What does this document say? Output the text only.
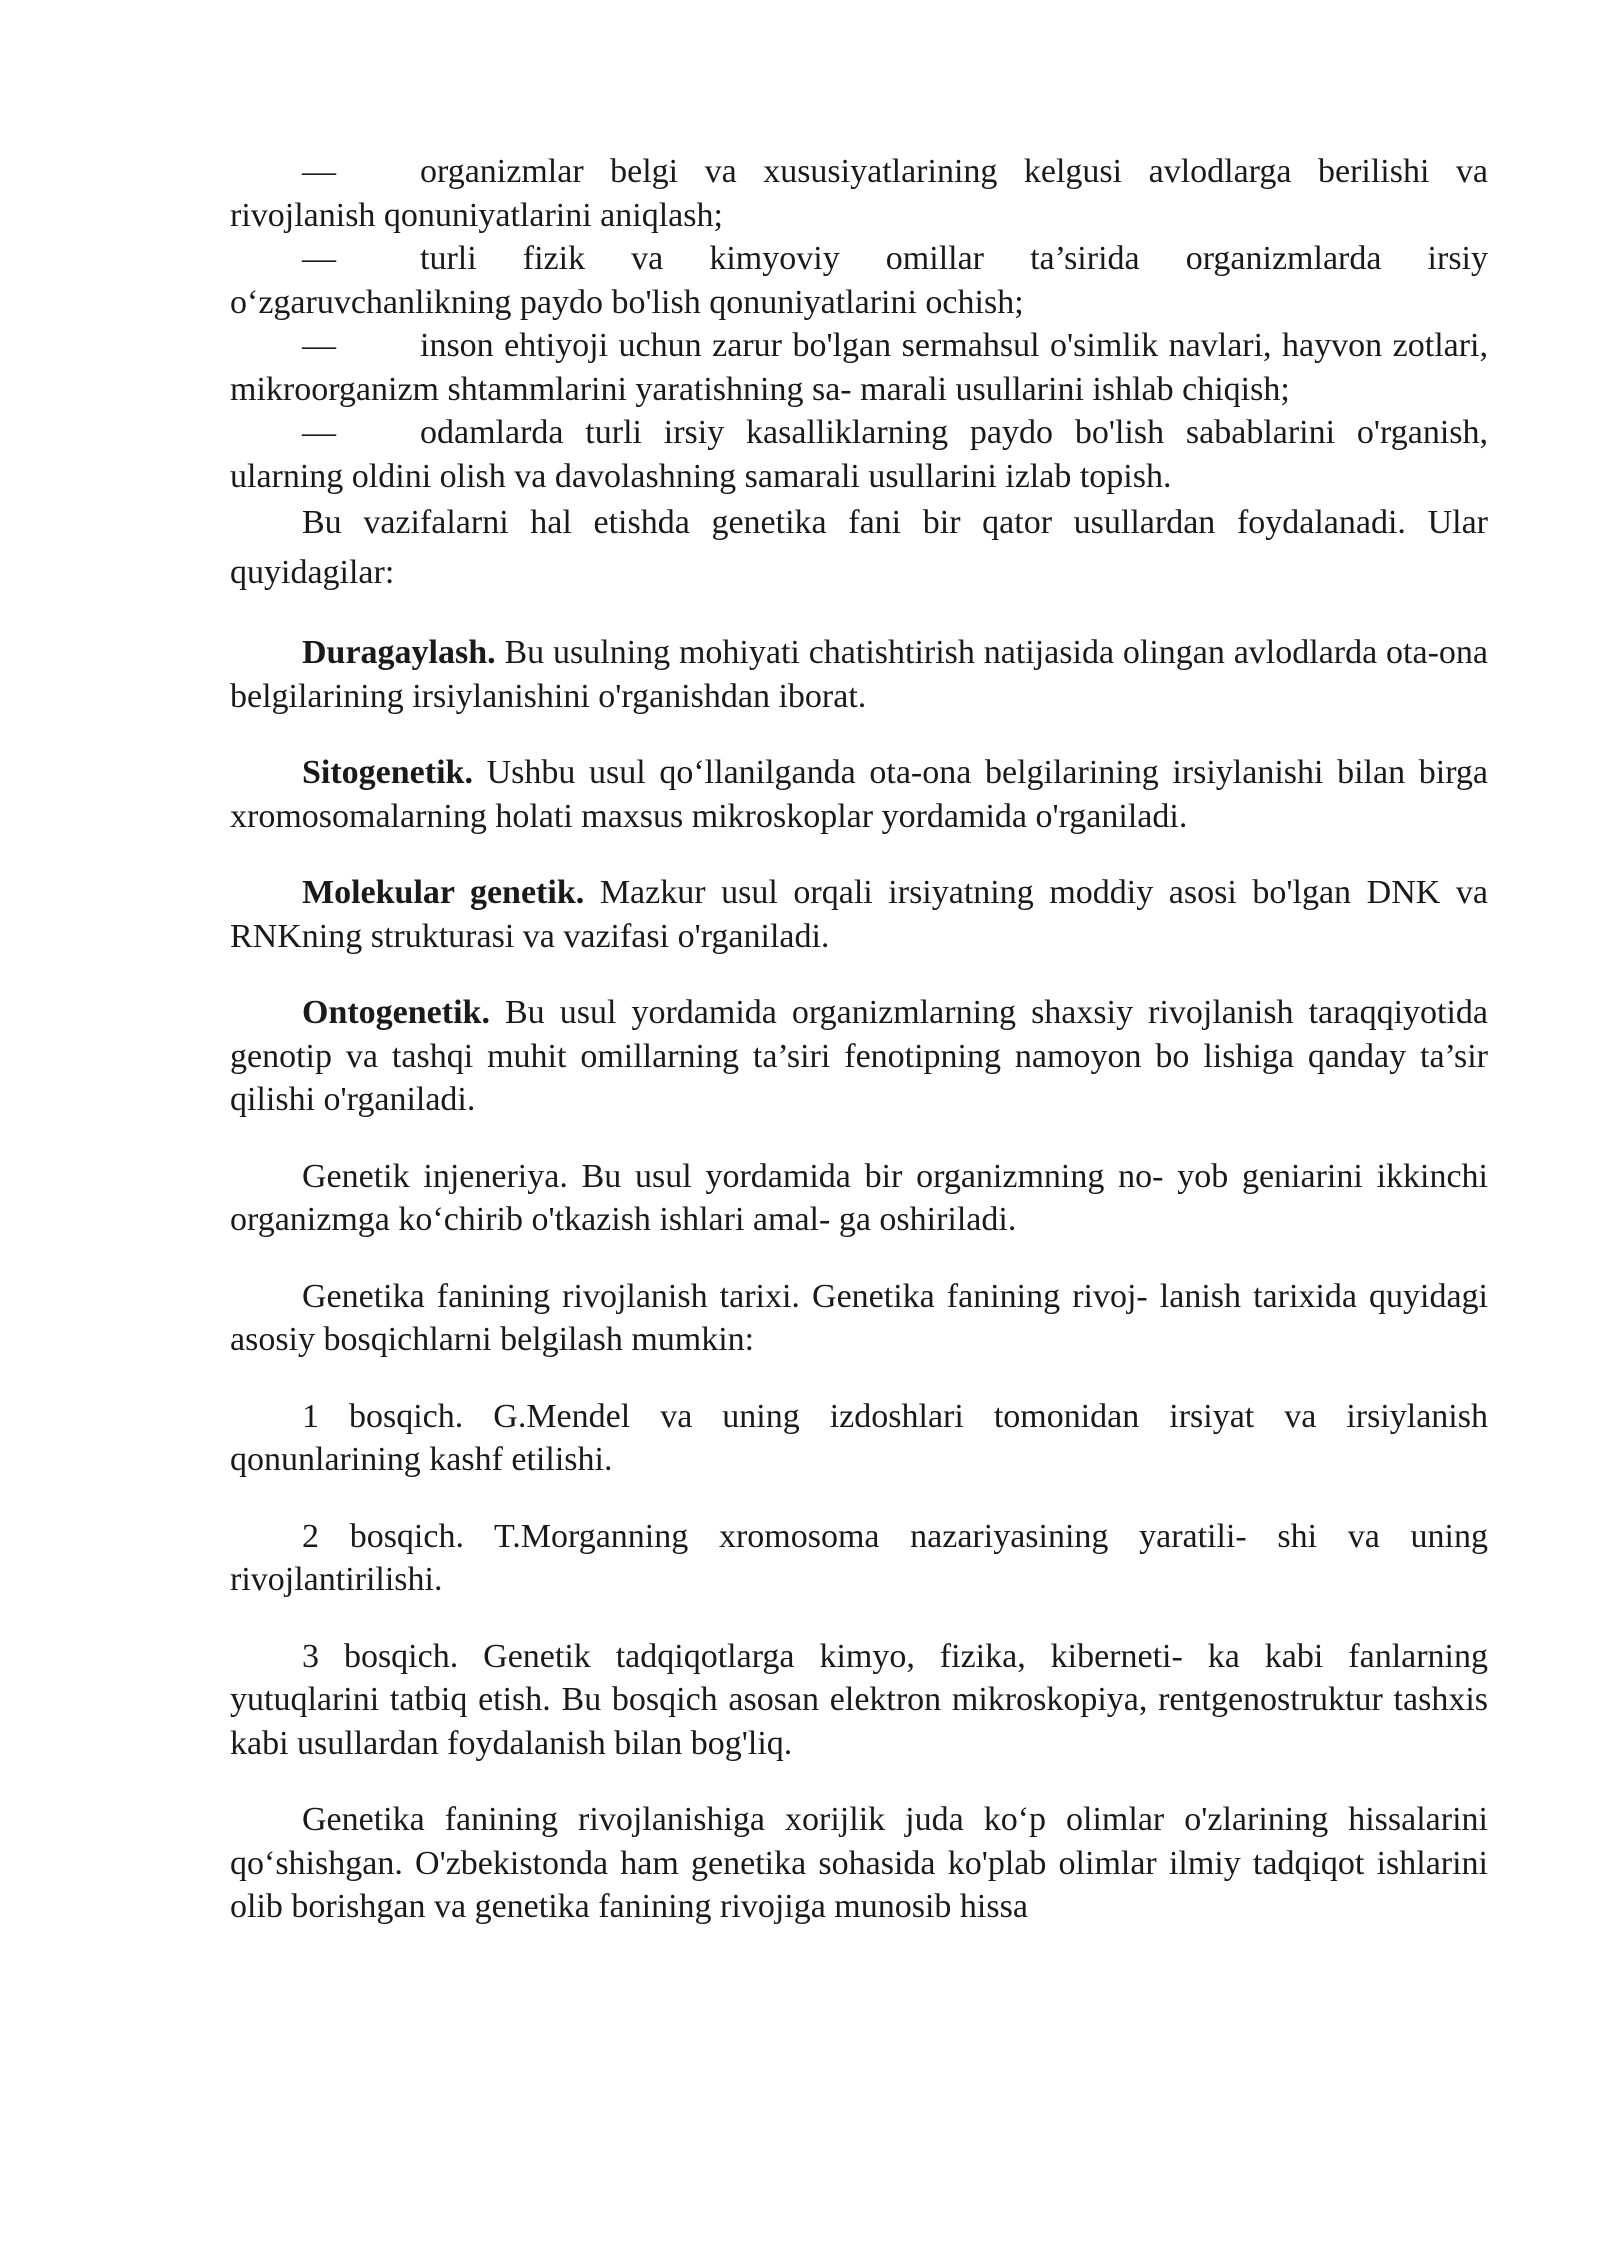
— organizmlar belgi va xususiyatlarining kelgusi avlodlarga berilishi va rivojlanish qonuniyatlarini aniqlash;

— turli fizik va kimyoviy omillar ta’sirida organizmlarda irsiy o‘zgaruvchanlikning paydo bo'lish qonuniyatlarini ochish;

— inson ehtiyoji uchun zarur bo'lgan sermahsul o'simlik navlari, hayvon zotlari, mikroorganizm shtammlarini yaratishning sa- marali usullarini ishlab chiqish;

— odamlarda turli irsiy kasalliklarning paydo bo'lish sabablarini o'rganish, ularning oldini olish va davolashning samarali usullarini izlab topish.

Bu vazifalarni hal etishda genetika fani bir qator usullardan foydalanadi. Ular quyidagilar:

Duragaylash. Bu usulning mohiyati chatishtirish natijasida olingan avlodlarda ota-ona belgilarining irsiylanishini o'rganishdan iborat.

Sitogenetik. Ushbu usul qo‘llanilganda ota-ona belgilarining irsiylanishi bilan birga xromosomalarning holati maxsus mikroskoplar yordamida o'rganiladi.

Molekular genetik. Mazkur usul orqali irsiyatning moddiy asosi bo'lgan DNK va RNKning strukturasi va vazifasi o'rganiladi.

Ontogenetik. Bu usul yordamida organizmlarning shaxsiy rivojlanish taraqqiyotida genotip va tashqi muhit omillarning ta’siri fenotipning namoyon bo lishiga qanday ta’sir qilishi o'rganiladi.

Genetik injeneriya. Bu usul yordamida bir organizmning no- yob geniarini ikkinchi organizmga ko‘chirib o'tkazish ishlari amal- ga oshiriladi.

Genetika fanining rivojlanish tarixi. Genetika fanining rivoj- lanish tarixida quyidagi asosiy bosqichlarni belgilash mumkin:

1 bosqich. G.Mendel va uning izdoshlari tomonidan irsiyat va irsiylanish qonunlarining kashf etilishi.

2 bosqich. T.Morganning xromosoma nazariyasining yaratili- shi va uning rivojlantirilishi.

3 bosqich. Genetik tadqiqotlarga kimyo, fizika, kiberneti- ka kabi fanlarning yutuqlarini tatbiq etish. Bu bosqich asosan elektron mikroskopiya, rentgenostruktur tashxis kabi usullardan foydalanish bilan bog'liq.

Genetika fanining rivojlanishiga xorijlik juda ko‘p olimlar o'zlarining hissalarini qo‘shishgan. O'zbekistonda ham genetika sohasida ko'plab olimlar ilmiy tadqiqot ishlarini olib borishgan va genetika fanining rivojiga munosib hissa
